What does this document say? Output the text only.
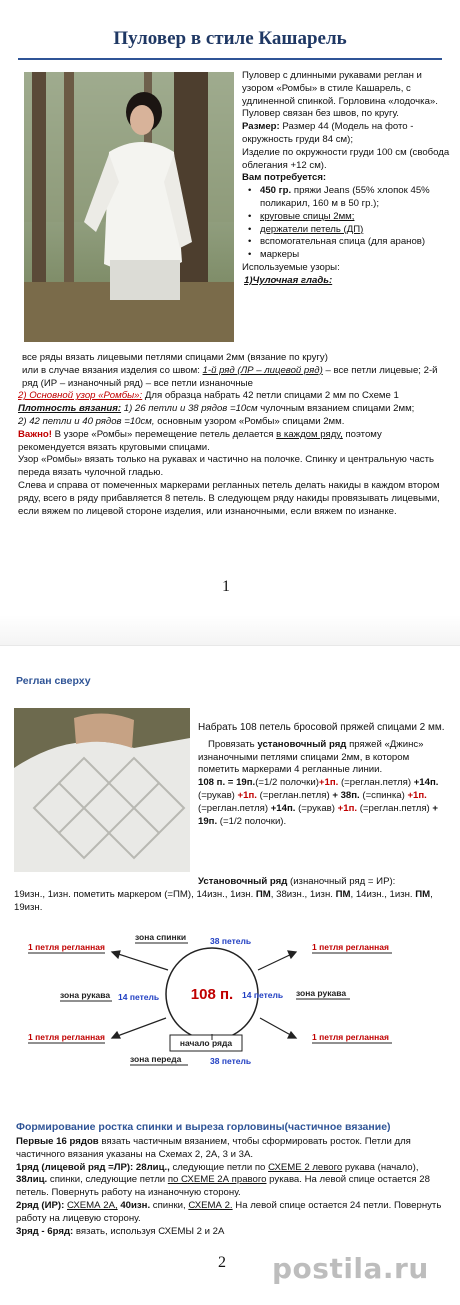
Пуловер в стиле Кашарель

Пуловер с длинными рукавами реглан и узором «Ромбы» в стиле Кашарель, с удлиненной спинкой. Горловина «лодочка».

Пуловер связан без швов, по кругу.

Размер: Размер 44 (Модель на фото - окружность груди 84 см);

Изделие по окружности груди 100 см (свобода облегания +12 см).

Вам потребуется:

• 450 гр. пряжи Jeans (55% хлопок 45% поликарил, 160 м в 50 гр.);

• круговые спицы 2мм;

• держатели петель (ДП)

• вспомогательная спица (для аранов)

• маркеры

Используемые узоры:

1)Чулочная гладь:

все ряды вязать лицевыми петлями спицами 2мм (вязание по кругу)

или в случае вязания изделия со швом: 1-й ряд (ЛР – лицевой ряд) – все петли лицевые; 2-й ряд (ИР – изнаночный ряд) – все петли изнаночные

2) Основной узор «Ромбы»: Для образца набрать 42 петли спицами 2 мм по Схеме 1

Плотность вязания: 1) 26 петли и 38 рядов =10см чулочным вязанием спицами 2мм;

2) 42 петли и 40 рядов =10см, основным узором «Ромбы» спицами 2мм.

Важно! В узоре «Ромбы» перемещение петель делается в каждом ряду, поэтому рекомендуется вязать круговыми спицами.

Узор «Ромбы» вязать только на рукавах и частично на полочке. Спинку и центральную часть переда вязать чулочной гладью.

Слева и справа от помеченных маркерами регланных петель делать накиды в каждом втором ряду, всего в ряду прибавляется 8 петель. В следующем ряду накиды провязывать лицевыми, если вяжем по лицевой стороне изделия, или изнаночными, если вяжем по изнанке.

1
Реглан сверху

Набрать 108 петель бросовой пряжей спицами 2 мм.

Провязать установочный ряд пряжей «Джинс» изнаночными петлями спицами 2мм, в котором пометить маркерами 4 регланные линии.

108 п. = 19п.(=1/2 полочки)+1п. (=реглан.петля) +14п. (=рукав) +1п. (=реглан.петля) + 38п. (=спинка) +1п. (=реглан.петля) +14п. (=рукав) +1п. (=реглан.петля) + 19п. (=1/2 полочки).

Установочный ряд (изнаночный ряд = ИР):
19изн., 1изн. пометить маркером (=ПМ), 14изн., 1изн. ПМ, 38изн., 1изн. ПМ, 14изн., 1изн. ПМ, 19изн.
108 п.
начало ряда
зона спинки	38 петель
зона переда	38 петель
зона рукава 14 петель	зона рукава
14 петель
1 петля регланная	1 петля регланная
1 петля регланная	1 петля регланная
Формирование ростка спинки и выреза горловины(частичное вязание)

Первые 16 рядов вязать частичным вязанием, чтобы сформировать росток. Петли для частичного вязания указаны на Схемах 2, 2А, 3 и 3А.

1ряд (лицевой ряд =ЛР): 28лиц., следующие петли по СХЕМЕ 2 левого рукава (начало), 38лиц. спинки, следующие петли по СХЕМЕ 2А правого рукава. На левой спице остается 28 петель. Повернуть работу на изнаночную сторону.

2ряд (ИР): СХЕМА 2А, 40изн. спинки, СХЕМА 2. На левой спице остается 24 петли. Повернуть работу на лицевую сторону.

3ряд - 6ряд: вязать, используя СХЕМЫ 2 и 2А

2 postila.ru
